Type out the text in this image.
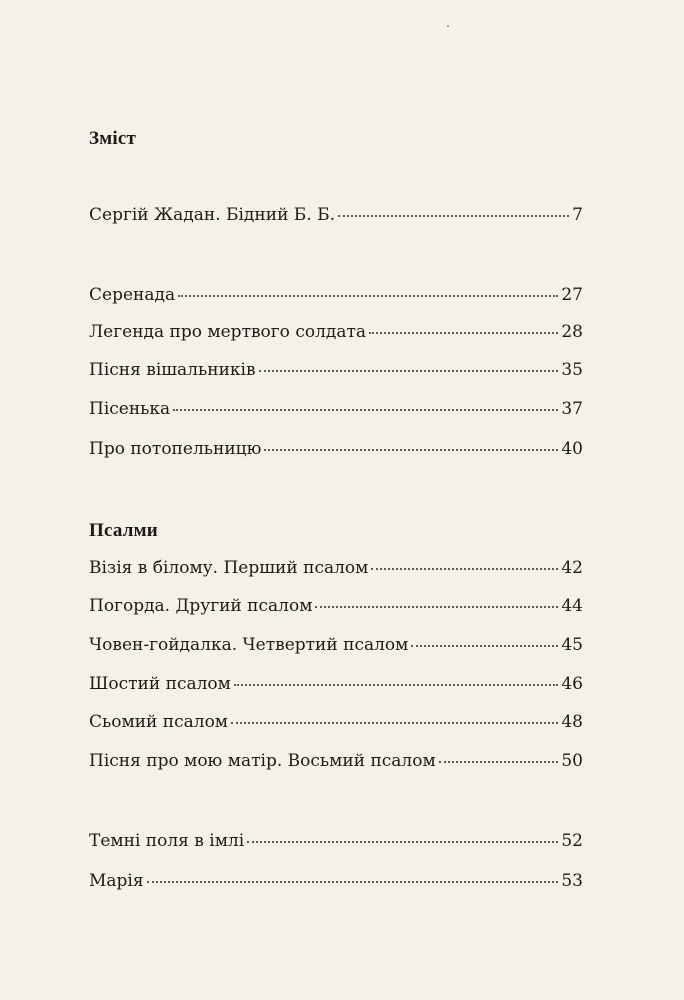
Зміст
Сергій Жадан. Бідний Б. Б.	7
Серенада	27
Легенда про мертвого солдата	28
Пісня вішальників	35
Пісенька	37
Про потопельницю	40
Псалми
Візія в білому. Перший псалом	42
Погорда. Другий псалом	44
Човен-гойдалка. Четвертий псалом	45
Шостий псалом	46
Сьомий псалом	48
Пісня про мою матір. Восьмий псалом	50
Темні поля в імлі	52
Марія	53
